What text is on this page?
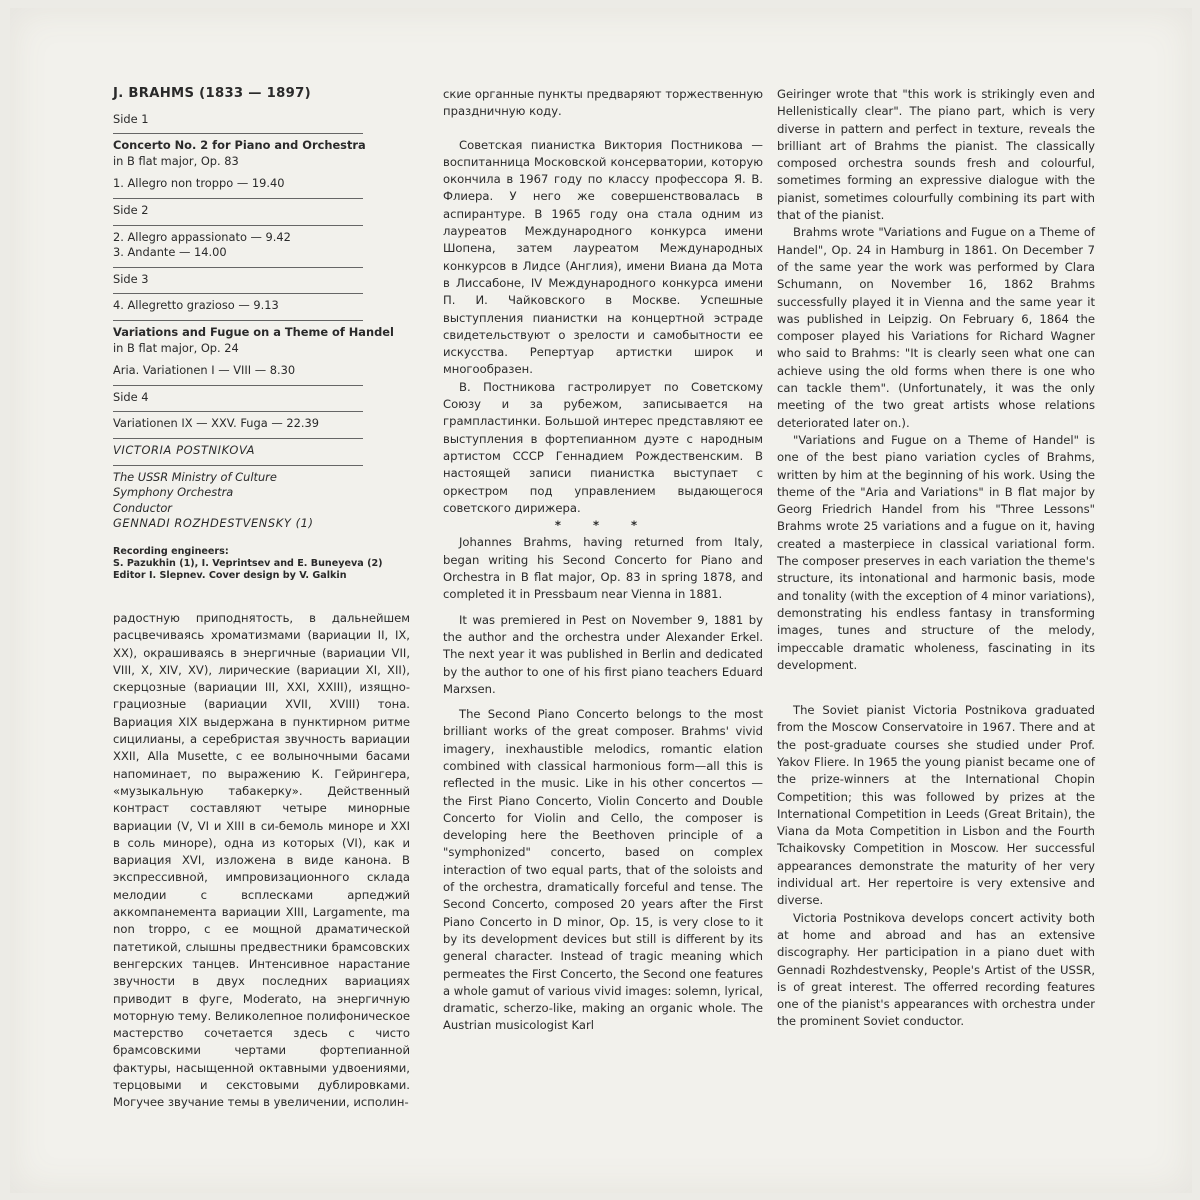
J. BRAHMS (1833 — 1897)

Side 1

Concerto No. 2 for Piano and Orchestra

in B flat major, Op. 83

1. Allegro non troppo — 19.40

Side 2

2. Allegro appassionato — 9.42

3. Andante — 14.00

Side 3

4. Allegretto grazioso — 9.13

Variations and Fugue on a Theme of Handel

in B flat major, Op. 24

Aria. Variationen I — VIII — 8.30

Side 4

Variationen IX — XXV. Fuga — 22.39

VICTORIA POSTNIKOVA

The USSR Ministry of Culture

Symphony Orchestra

Conductor

GENNADI ROZHDESTVENSKY (1)

Recording engineers:

S. Pazukhin (1), I. Veprintsev and E. Buneyeva (2)

Editor I. Slepnev. Cover design by V. Galkin

радостную приподнятость, в дальнейшем расцвечиваясь хроматизмами (вариации II, IX, XX), окрашиваясь в энергичные (вариации VII, VIII, X, XIV, XV), лирические (вариации XI, XII), скерцозные (вариации III, XXI, XXIII), изящно-грациозные (вариации XVII, XVIII) тона. Вариация XIX выдержана в пунктирном ритме сицилианы, а серебристая звучность вариации XXII, Alla Musette, с ее волыночными басами напоминает, по выражению К. Гейрингера, «музыкальную табакерку». Действенный контраст составляют четыре минорные вариации (V, VI и XIII в си-бемоль миноре и XXI в соль миноре), одна из которых (VI), как и вариация XVI, изложена в виде канона. В экспрессивной, импровизационного склада мелодии с всплесками арпеджий аккомпанемента вариации XIII, Largamente, ma non troppo, с ее мощной драматической патетикой, слышны предвестники брамсовских венгерских танцев. Интенсивное нарастание звучности в двух последних вариациях приводит в фуге, Moderato, на энергичную моторную тему. Великолепное полифоническое мастерство сочетается здесь с чисто брамсовскими чертами фортепианной фактуры, насыщенной октавными удвоениями, терцовыми и секстовыми дублировками. Могучее звучание темы в увеличении, исполин-

ские органные пункты предваряют торжественную праздничную коду.

Советская пианистка Виктория Постникова — воспитанница Московской консерватории, которую окончила в 1967 году по классу профессора Я. В. Флиера. У него же совершенствовалась в аспирантуре. В 1965 году она стала одним из лауреатов Международного конкурса имени Шопена, затем лауреатом Международных конкурсов в Лидсе (Англия), имени Виана да Мота в Лиссабоне, IV Международного конкурса имени П. И. Чайковского в Москве. Успешные выступления пианистки на концертной эстраде свидетельствуют о зрелости и самобытности ее искусства. Репертуар артистки широк и многообразен.

В. Постникова гастролирует по Советскому Союзу и за рубежом, записывается на грампластинки. Большой интерес представляют ее выступления в фортепианном дуэте с народным артистом СССР Геннадием Рождественским. В настоящей записи пианистка выступает с оркестром под управлением выдающегося советского дирижера.

* * *

Johannes Brahms, having returned from Italy, began writing his Second Concerto for Piano and Orchestra in B flat major, Op. 83 in spring 1878, and completed it in Pressbaum near Vienna in 1881.

It was premiered in Pest on November 9, 1881 by the author and the orchestra under Alexander Erkel. The next year it was published in Berlin and dedicated by the author to one of his first piano teachers Eduard Marxsen.

The Second Piano Concerto belongs to the most brilliant works of the great composer. Brahms' vivid imagery, inexhaustible melodics, romantic elation combined with classical harmonious form—all this is reflected in the music. Like in his other concertos — the First Piano Concerto, Violin Concerto and Double Concerto for Violin and Cello, the composer is developing here the Beethoven principle of a "symphonized" concerto, based on complex interaction of two equal parts, that of the soloists and of the orchestra, dramatically forceful and tense. The Second Concerto, composed 20 years after the First Piano Concerto in D minor, Op. 15, is very close to it by its development devices but still is different by its general character. Instead of tragic meaning which permeates the First Concerto, the Second one features a whole gamut of various vivid images: solemn, lyrical, dramatic, scherzo-like, making an organic whole. The Austrian musicologist Karl

Geiringer wrote that "this work is strikingly even and Hellenistically clear". The piano part, which is very diverse in pattern and perfect in texture, reveals the brilliant art of Brahms the pianist. The classically composed orchestra sounds fresh and colourful, sometimes forming an expressive dialogue with the pianist, sometimes colourfully combining its part with that of the pianist.

Brahms wrote "Variations and Fugue on a Theme of Handel", Op. 24 in Hamburg in 1861. On December 7 of the same year the work was performed by Clara Schumann, on November 16, 1862 Brahms successfully played it in Vienna and the same year it was published in Leipzig. On February 6, 1864 the composer played his Variations for Richard Wagner who said to Brahms: "It is clearly seen what one can achieve using the old forms when there is one who can tackle them". (Unfortunately, it was the only meeting of the two great artists whose relations deteriorated later on.).

"Variations and Fugue on a Theme of Handel" is one of the best piano variation cycles of Brahms, written by him at the beginning of his work. Using the theme of the "Aria and Variations" in B flat major by Georg Friedrich Handel from his "Three Lessons" Brahms wrote 25 variations and a fugue on it, having created a masterpiece in classical variational form. The composer preserves in each variation the theme's structure, its intonational and harmonic basis, mode and tonality (with the exception of 4 minor variations), demonstrating his endless fantasy in transforming images, tunes and structure of the melody, impeccable dramatic wholeness, fascinating in its development.

The Soviet pianist Victoria Postnikova graduated from the Moscow Conservatoire in 1967. There and at the post-graduate courses she studied under Prof. Yakov Fliere. In 1965 the young pianist became one of the prize-winners at the International Chopin Competition; this was followed by prizes at the International Competition in Leeds (Great Britain), the Viana da Mota Competition in Lisbon and the Fourth Tchaikovsky Competition in Moscow. Her successful appearances demonstrate the maturity of her very individual art. Her repertoire is very extensive and diverse.

Victoria Postnikova develops concert activity both at home and abroad and has an extensive discography. Her participation in a piano duet with Gennadi Rozhdestvensky, People's Artist of the USSR, is of great interest. The offerred recording features one of the pianist's appearances with orchestra under the prominent Soviet conductor.
